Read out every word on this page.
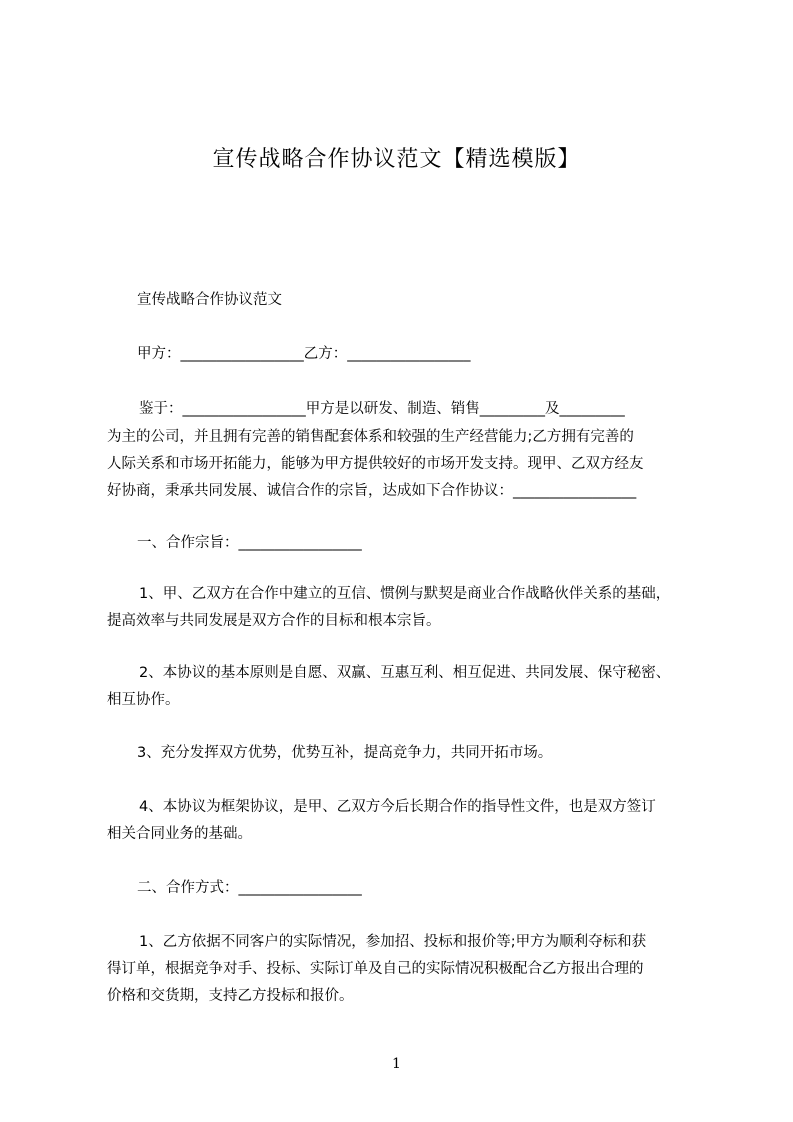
宣传战略合作协议范文【精选模版】
宣传战略合作协议范文
甲方：_________________乙方：_________________
鉴于：_________________甲方是以研发、制造、销售_________及_________
为主的公司，并且拥有完善的销售配套体系和较强的生产经营能力;乙方拥有完善的
人际关系和市场开拓能力，能够为甲方提供较好的市场开发支持。现甲、乙双方经友
好协商，秉承共同发展、诚信合作的宗旨，达成如下合作协议：_________________
一、合作宗旨：_________________
1、甲、乙双方在合作中建立的互信、惯例与默契是商业合作战略伙伴关系的基础，
提高效率与共同发展是双方合作的目标和根本宗旨。
2、本协议的基本原则是自愿、双赢、互惠互利、相互促进、共同发展、保守秘密、
相互协作。
3、充分发挥双方优势，优势互补，提高竞争力，共同开拓市场。
4、本协议为框架协议，是甲、乙双方今后长期合作的指导性文件，也是双方签订
相关合同业务的基础。
二、合作方式：_________________
1、乙方依据不同客户的实际情况，参加招、投标和报价等;甲方为顺利夺标和获
得订单，根据竞争对手、投标、实际订单及自己的实际情况积极配合乙方报出合理的
价格和交货期，支持乙方投标和报价。
1
